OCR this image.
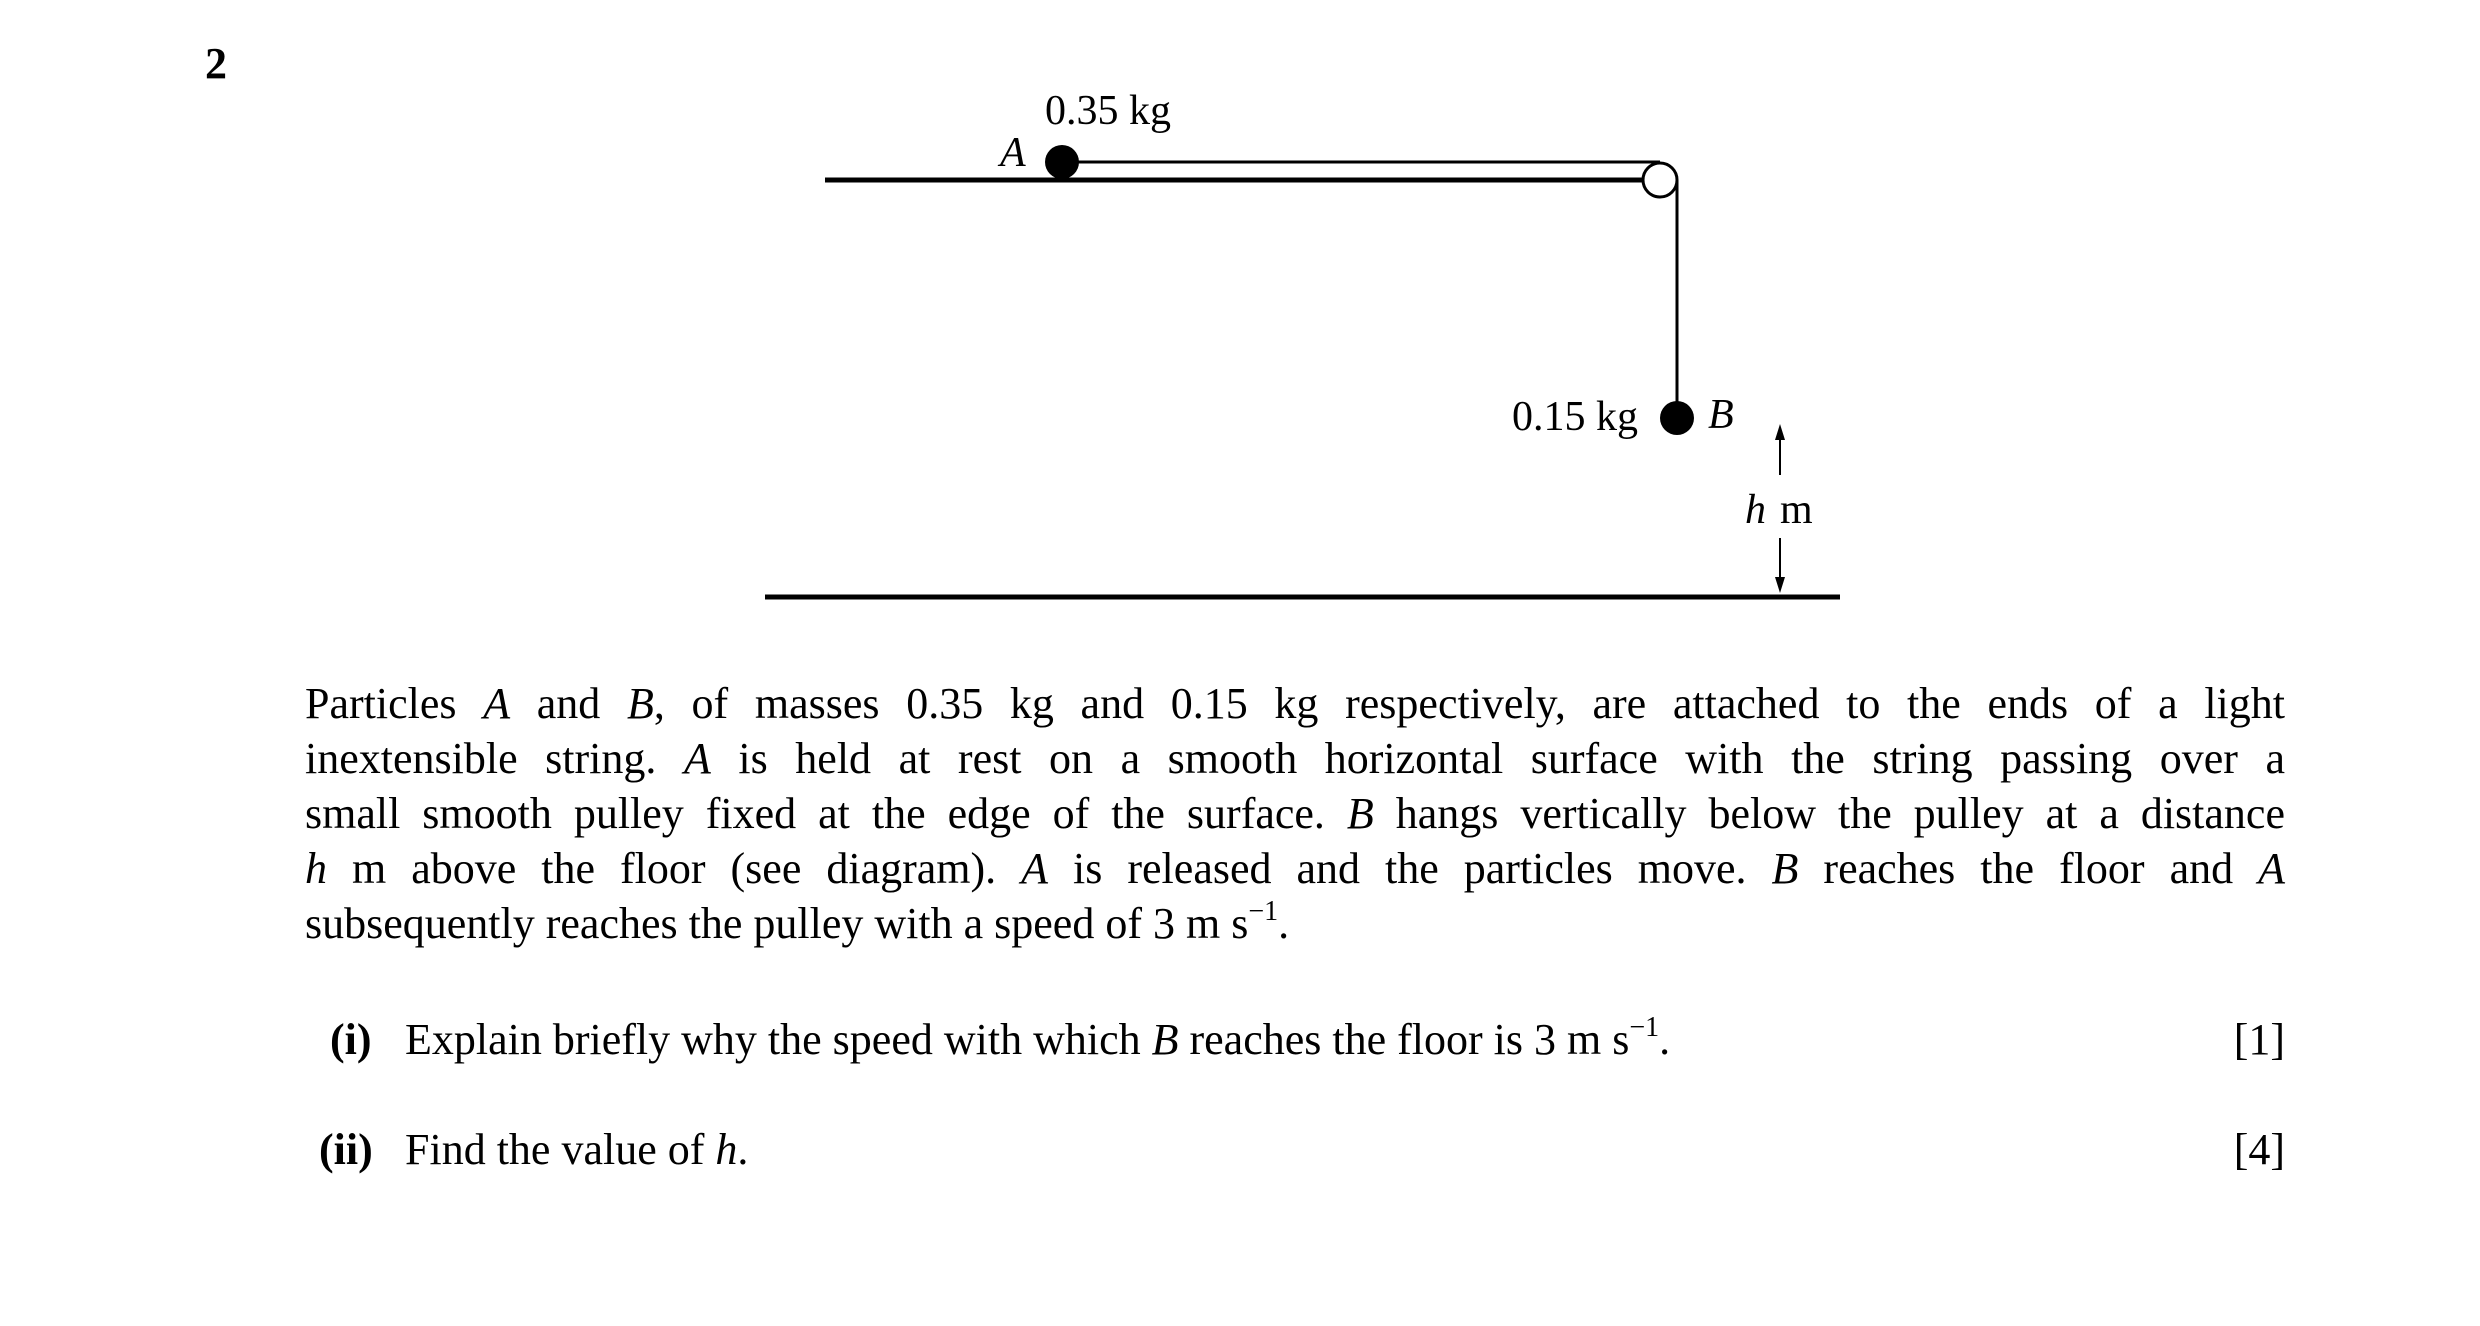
2
0.35 kg
A
0.15 kg B
h m
Particles A and B, of masses 0.35 kg and 0.15 kg respectively, are attached to the ends of a light
inextensible string. A is held at rest on a smooth horizontal surface with the string passing over a
small smooth pulley fixed at the edge of the surface. B hangs vertically below the pulley at a distance
h m above the floor (see diagram). A is released and the particles move. B reaches the floor and A
subsequently reaches the pulley with a speed of 3 m $s^{-1}$.
(i) Explain briefly why the speed with which B reaches the floor is 3 m $s^{-1}$.	[1]
(ii) Find the value of h.	[4]
